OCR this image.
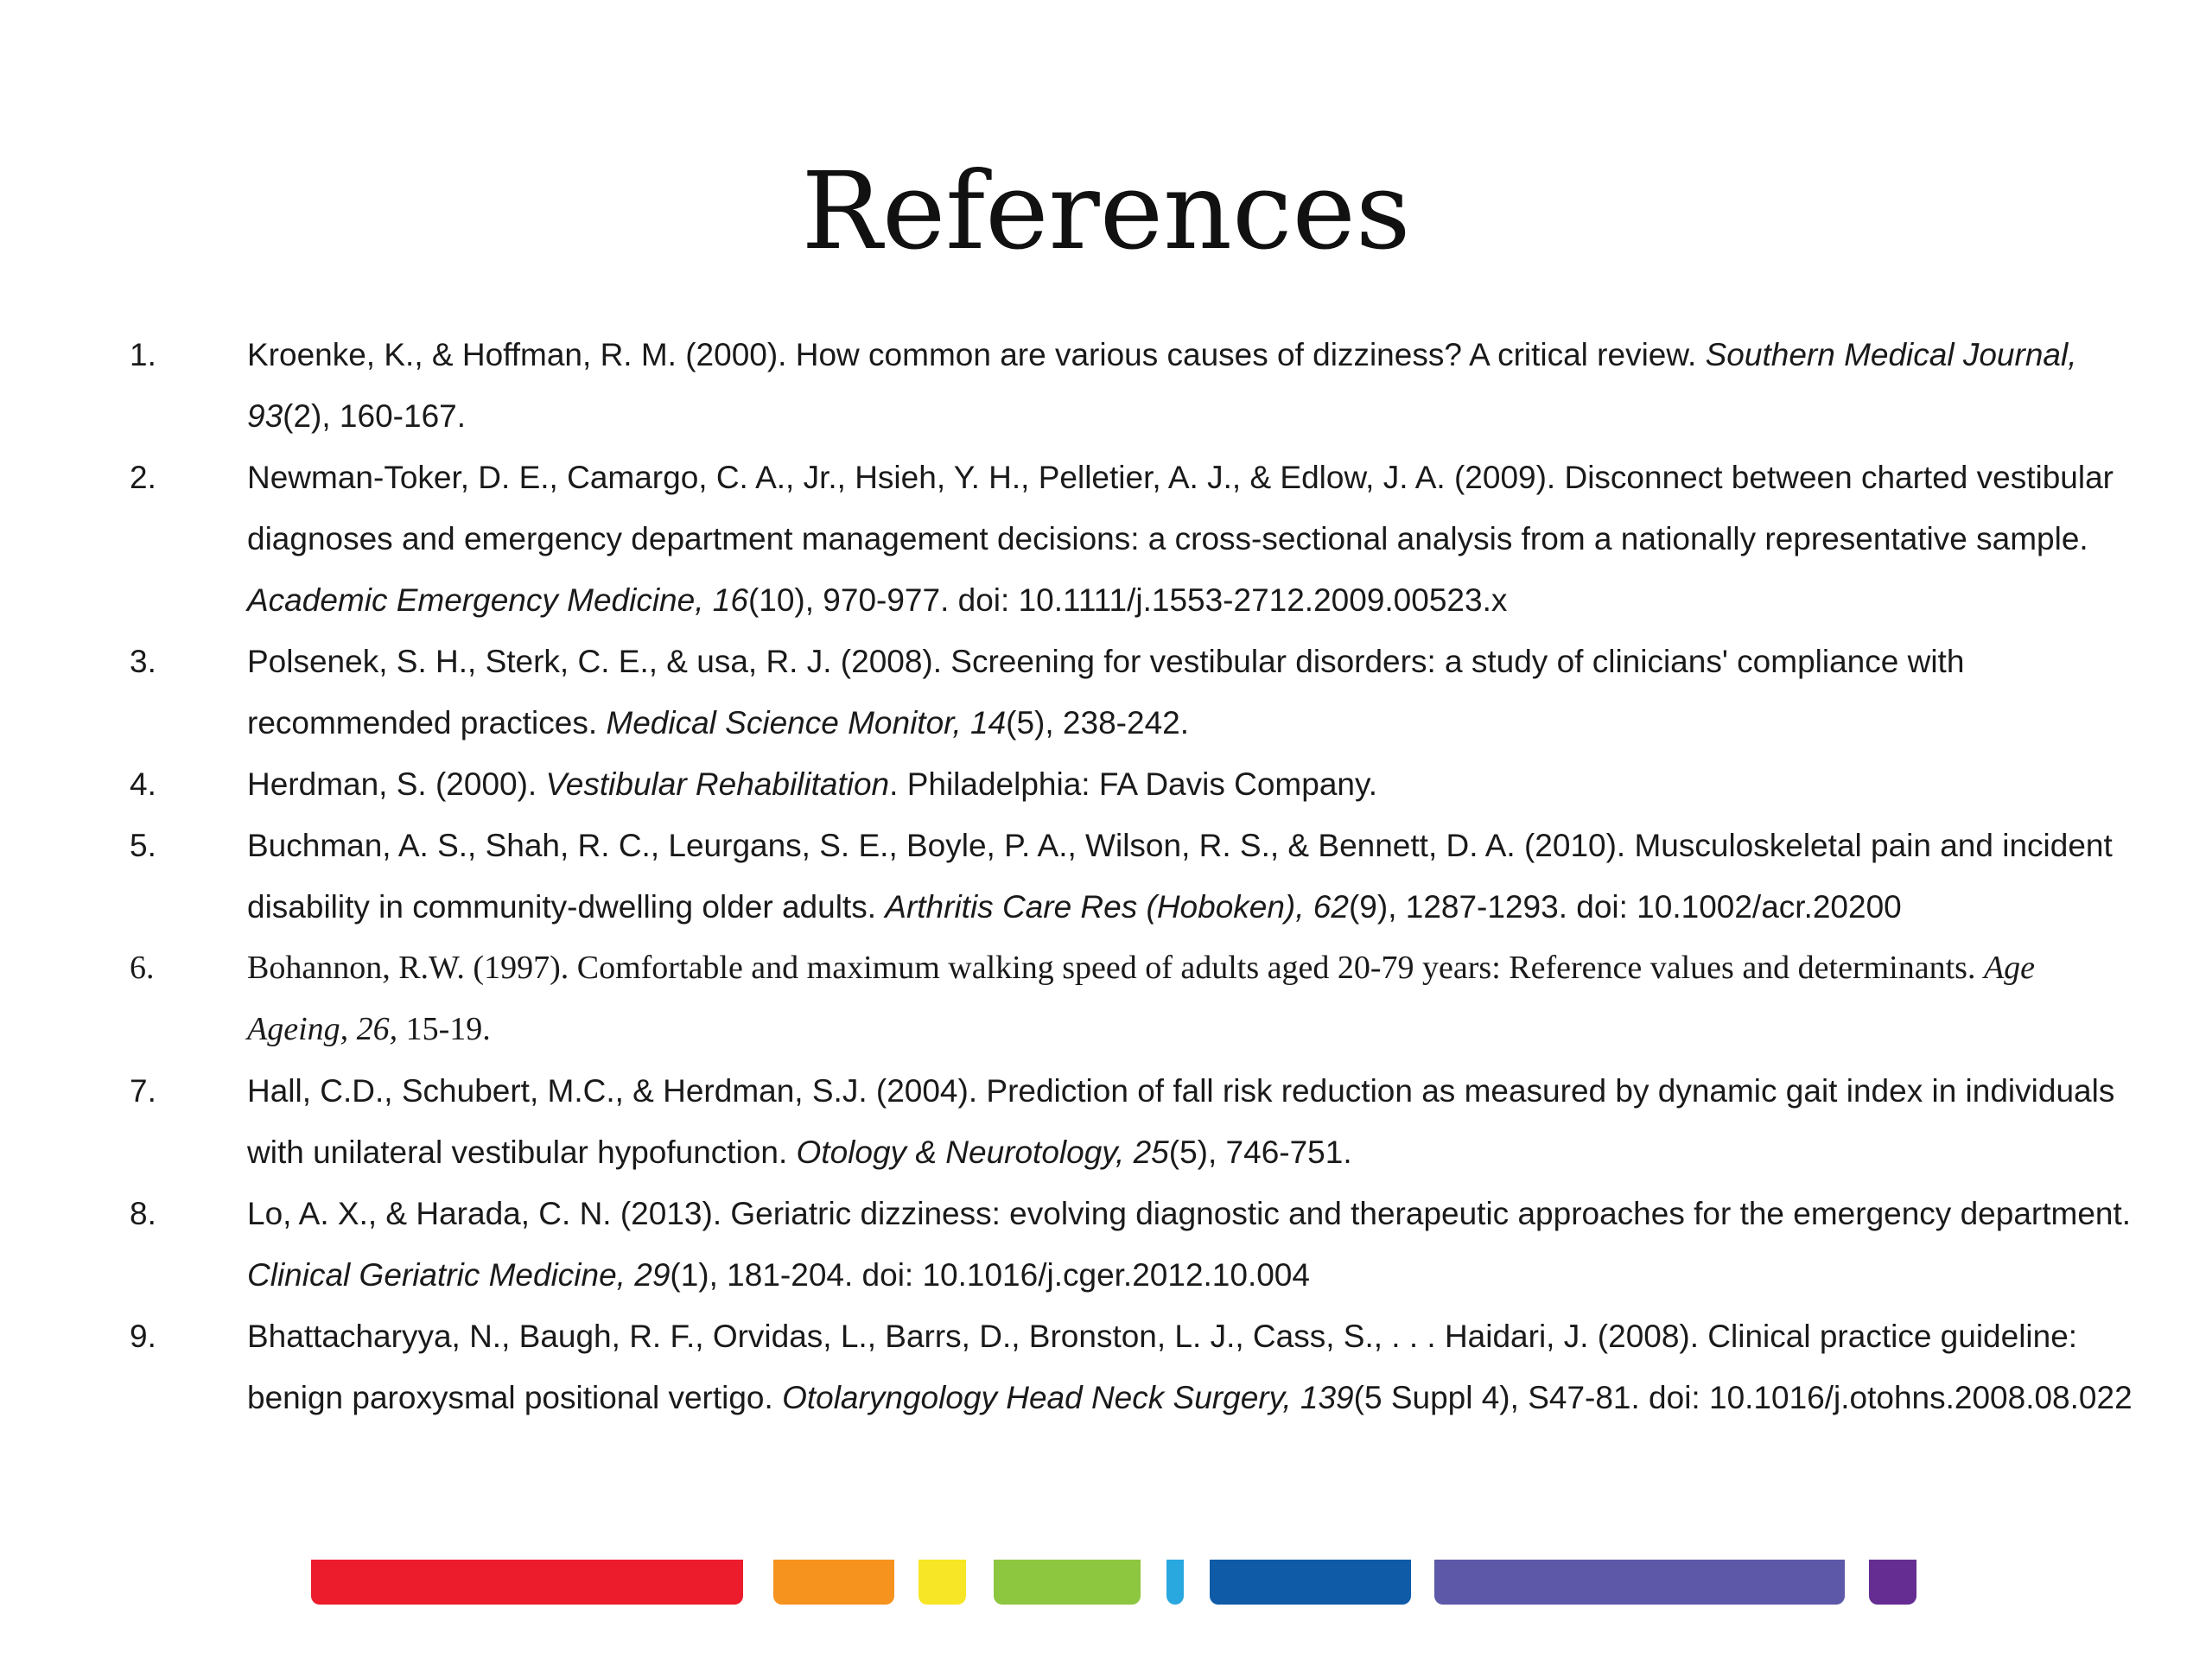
References
1.	Kroenke, K., & Hoffman, R. M. (2000). How common are various causes of dizziness? A critical review. Southern Medical Journal, 93(2), 160-167.
2.	Newman-Toker, D. E., Camargo, C. A., Jr., Hsieh, Y. H., Pelletier, A. J., & Edlow, J. A. (2009). Disconnect between charted vestibular diagnoses and emergency department management decisions: a cross-sectional analysis from a nationally representative sample. Academic Emergency Medicine, 16(10), 970-977. doi: 10.1111/j.1553-2712.2009.00523.x
3.	Polsenek, S. H., Sterk, C. E., & usa, R. J. (2008). Screening for vestibular disorders: a study of clinicians' compliance with recommended practices. Medical Science Monitor, 14(5), 238-242.
4.	Herdman, S. (2000). Vestibular Rehabilitation. Philadelphia: FA Davis Company.
5.	Buchman, A. S., Shah, R. C., Leurgans, S. E., Boyle, P. A., Wilson, R. S., & Bennett, D. A. (2010). Musculoskeletal pain and incident disability in community-dwelling older adults. Arthritis Care Res (Hoboken), 62(9), 1287-1293. doi: 10.1002/acr.20200
6.	Bohannon, R.W. (1997). Comfortable and maximum walking speed of adults aged 20-79 years: Reference values and determinants. Age Ageing, 26, 15-19.
7.	Hall, C.D., Schubert, M.C., & Herdman, S.J. (2004). Prediction of fall risk reduction as measured by dynamic gait index in individuals with unilateral vestibular hypofunction. Otology & Neurotology, 25(5), 746-751.
8.	Lo, A. X., & Harada, C. N. (2013). Geriatric dizziness: evolving diagnostic and therapeutic approaches for the emergency department. Clinical Geriatric Medicine, 29(1), 181-204. doi: 10.1016/j.cger.2012.10.004
9.	Bhattacharyya, N., Baugh, R. F., Orvidas, L., Barrs, D., Bronston, L. J., Cass, S., . . . Haidari, J. (2008). Clinical practice guideline: benign paroxysmal positional vertigo. Otolaryngology Head Neck Surgery, 139(5 Suppl 4), S47-81. doi: 10.1016/j.otohns.2008.08.022
